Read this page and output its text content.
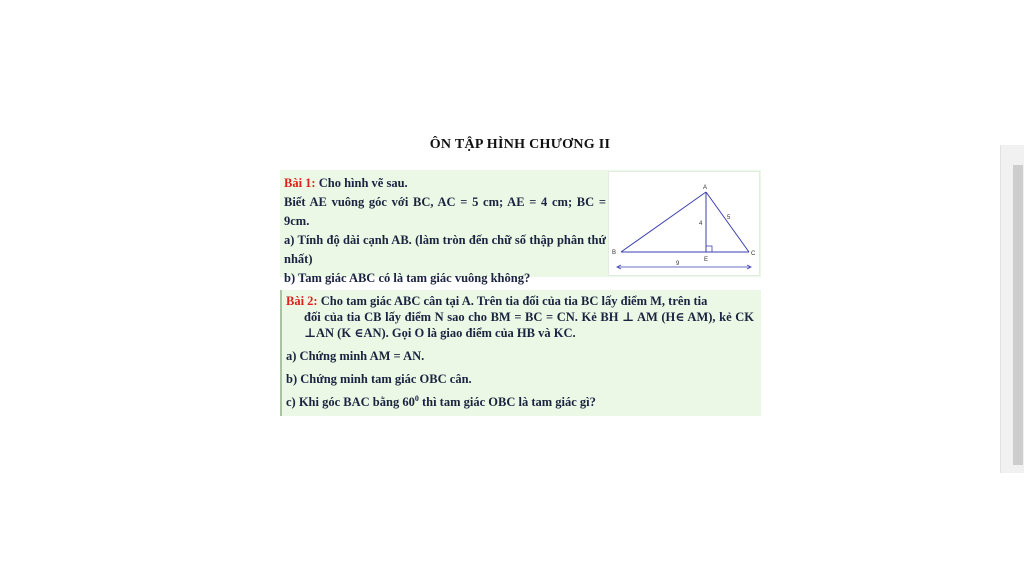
ÔN TẬP HÌNH CHƯƠNG II
Bài 1: Cho hình vẽ sau.
Biết AE vuông góc với BC, AC = 5 cm; AE = 4 cm; BC = 9cm.
a) Tính độ dài cạnh AB. (làm tròn đến chữ số thập phân thứ nhất)
b) Tam giác ABC có là tam giác vuông không?
A
B	C
E
4
5
9
Bài 2: Cho tam giác ABC cân tại A. Trên tia đối của tia BC lấy điểm M, trên tia
đối của tia CB lấy điểm N sao cho BM = BC = CN. Kẻ BH ⊥ AM (H∈ AM), kẻ CK ⊥AN (K ∈AN). Gọi O là giao điểm của HB và KC.
a) Chứng minh AM = AN.
b) Chứng minh tam giác OBC cân.
c) Khi góc BAC bằng $60^0$ thì tam giác OBC là tam giác gì?
